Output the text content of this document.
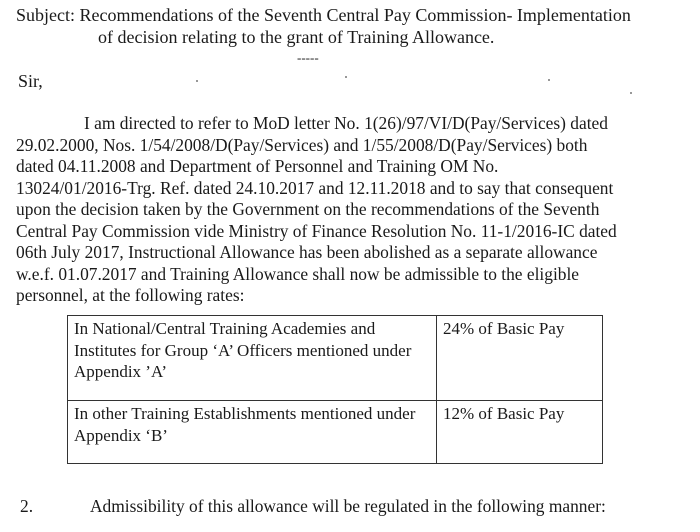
Subject: Recommendations of the Seventh Central Pay Commission- Implementation
of decision relating to the grant of Training Allowance.
-----
Sir,
I am directed to refer to MoD letter No. 1(26)/97/VI/D(Pay/Services) dated
29.02.2000, Nos. 1/54/2008/D(Pay/Services) and 1/55/2008/D(Pay/Services) both
dated 04.11.2008 and Department of Personnel and Training OM No.
13024/01/2016-Trg. Ref. dated 24.10.2017 and 12.11.2018 and to say that consequent
upon the decision taken by the Government on the recommendations of the Seventh
Central Pay Commission vide Ministry of Finance Resolution No. 11-1/2016-IC dated
06th July 2017, Instructional Allowance has been abolished as a separate allowance
w.e.f. 01.07.2017 and Training Allowance shall now be admissible to the eligible
personnel, at the following rates:
In National/Central Training Academies and Institutes for Group ‘A’ Officers mentioned under Appendix ’A’	24% of Basic Pay
In other Training Establishments mentioned under Appendix ‘B’	12% of Basic Pay
2.	Admissibility of this allowance will be regulated in the following manner:
